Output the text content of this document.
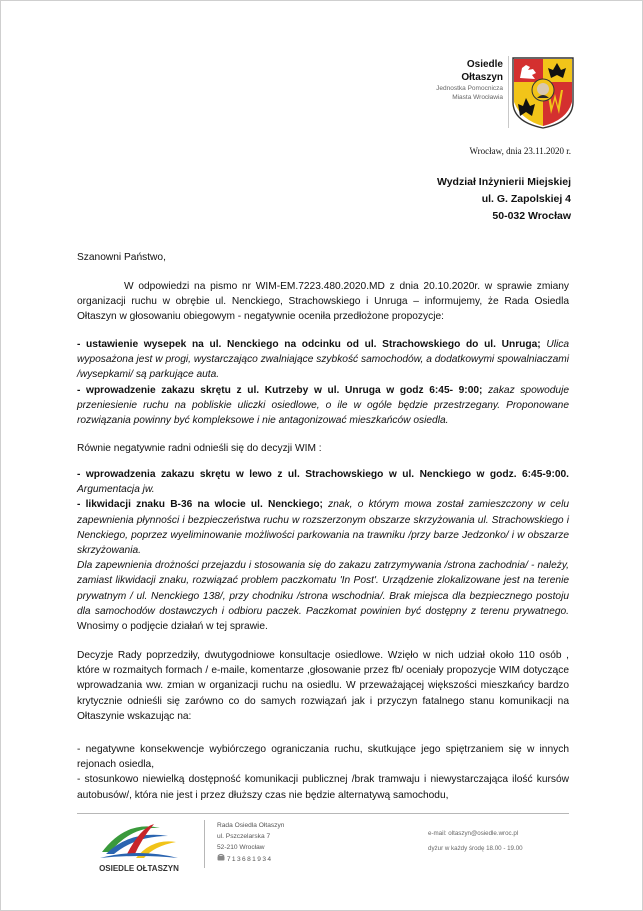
Osiedle
Ołtaszyn
Jednostka Pomocnicza
Miasta Wrocławia
Wrocław, dnia 23.11.2020 r.
Wydział Inżynierii Miejskiej
ul. G. Zapolskiej 4
50-032 Wrocław

Szanowni Państwo,

W odpowiedzi na pismo nr WIM-EM.7223.480.2020.MD z dnia 20.10.2020r. w sprawie zmiany organizacji ruchu w obrębie ul. Nenckiego, Strachowskiego i Unruga – informujemy, że Rada Osiedla Ołtaszyn w głosowaniu obiegowym - negatywnie oceniła przedłożone propozycje:

- ustawienie wysepek na ul. Nenckiego na odcinku od ul. Strachowskiego do ul. Unruga; Ulica wyposażona jest w progi, wystarczająco zwalniające szybkość samochodów, a dodatkowymi spowalniaczami /wysepkami/ są parkujące auta.

- wprowadzenie zakazu skrętu z ul. Kutrzeby w ul. Unruga w godz 6:45- 9:00; zakaz spowoduje przeniesienie ruchu na pobliskie uliczki osiedlowe, o ile w ogóle będzie przestrzegany. Proponowane rozwiązania powinny być kompleksowe i nie antagonizować mieszkańców osiedla.

Równie negatywnie radni odnieśli się do decyzji WIM :

- wprowadzenia zakazu skrętu w lewo z ul. Strachowskiego w ul. Nenckiego w godz. 6:45-9:00. Argumentacja jw.

- likwidacji znaku B-36 na wlocie ul. Nenckiego; znak, o którym mowa został zamieszczony w celu zapewnienia płynności i bezpieczeństwa ruchu w rozszerzonym obszarze skrzyżowania ul. Strachowskiego i Nenckiego, poprzez wyeliminowanie możliwości parkowania na trawniku /przy barze Jedzonko/ i w obszarze skrzyżowania.

Dla zapewnienia drożności przejazdu i stosowania się do zakazu zatrzymywania /strona zachodnia/ - należy, zamiast likwidacji znaku, rozwiązać problem paczkomatu 'In Post'. Urządzenie zlokalizowane jest na terenie prywatnym / ul. Nenckiego 138/, przy chodniku /strona wschodnia/. Brak miejsca dla bezpiecznego postoju dla samochodów dostawczych i odbioru paczek. Paczkomat powinien być dostępny z terenu prywatnego. Wnosimy o podjęcie działań w tej sprawie.

Decyzje Rady poprzedziły, dwutygodniowe konsultacje osiedlowe. Wzięło w nich udział około 110 osób , które w rozmaitych formach / e-maile, komentarze ,głosowanie przez fb/ oceniały propozycje WIM dotyczące wprowadzania ww. zmian w organizacji ruchu na osiedlu. W przeważającej większości mieszkańcy bardzo krytycznie odnieśli się zarówno co do samych rozwiązań jak i przyczyn fatalnego stanu komunikacji na Ołtaszynie wskazując na:

- negatywne konsekwencje wybiórczego ograniczania ruchu, skutkujące jego spiętrzaniem się w innych rejonach osiedla,

- stosunkowo niewielką dostępność komunikacji publicznej /brak tramwaju i niewystarczająca ilość kursów autobusów/, która nie jest i przez dłuższy czas nie będzie alternatywą samochodu,

OSIEDLE OŁTASZYN
Rada Osiedla Ołtaszyn
ul. Pszczelarska 7
52-210 Wrocław
713681934
e-mail: oltaszyn@osiedle.wroc.pl
dyżur w każdy środę 18.00 - 19.00
